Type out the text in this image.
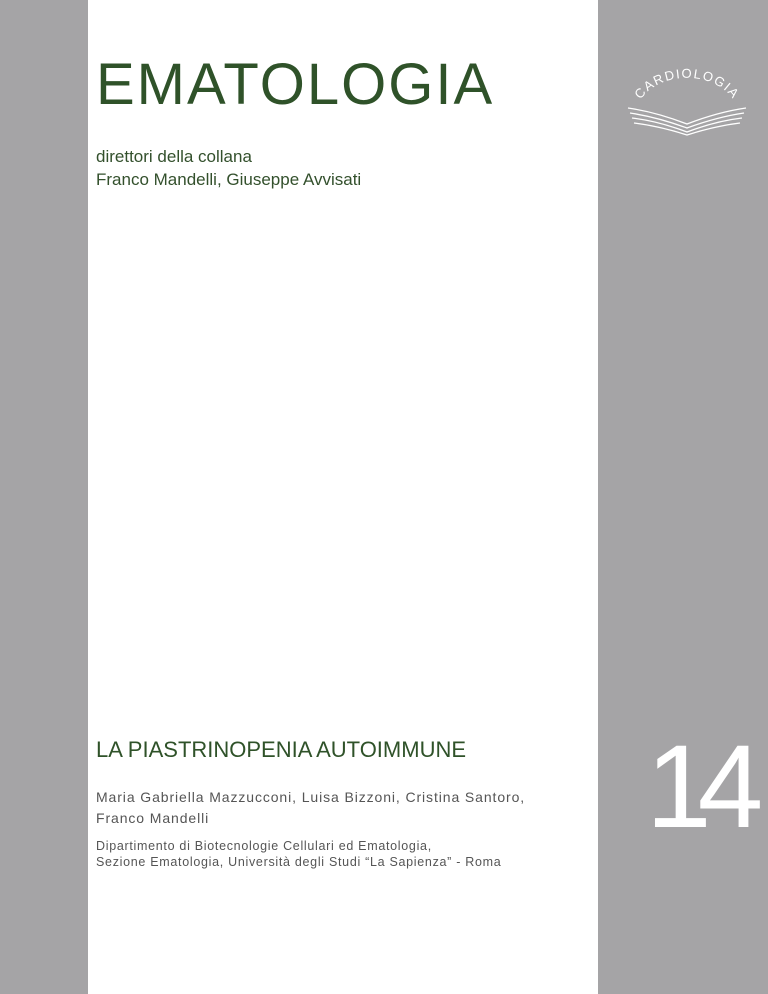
EMATOLOGIA
direttori della collana
Franco Mandelli, Giuseppe Avvisati
CARDIOLOGIA
LA PIASTRINOPENIA AUTOIMMUNE
Maria Gabriella Mazzucconi, Luisa Bizzoni, Cristina Santoro,
Franco Mandelli
Dipartimento di Biotecnologie Cellulari ed Ematologia,
Sezione Ematologia, Università degli Studi “La Sapienza” - Roma
14
